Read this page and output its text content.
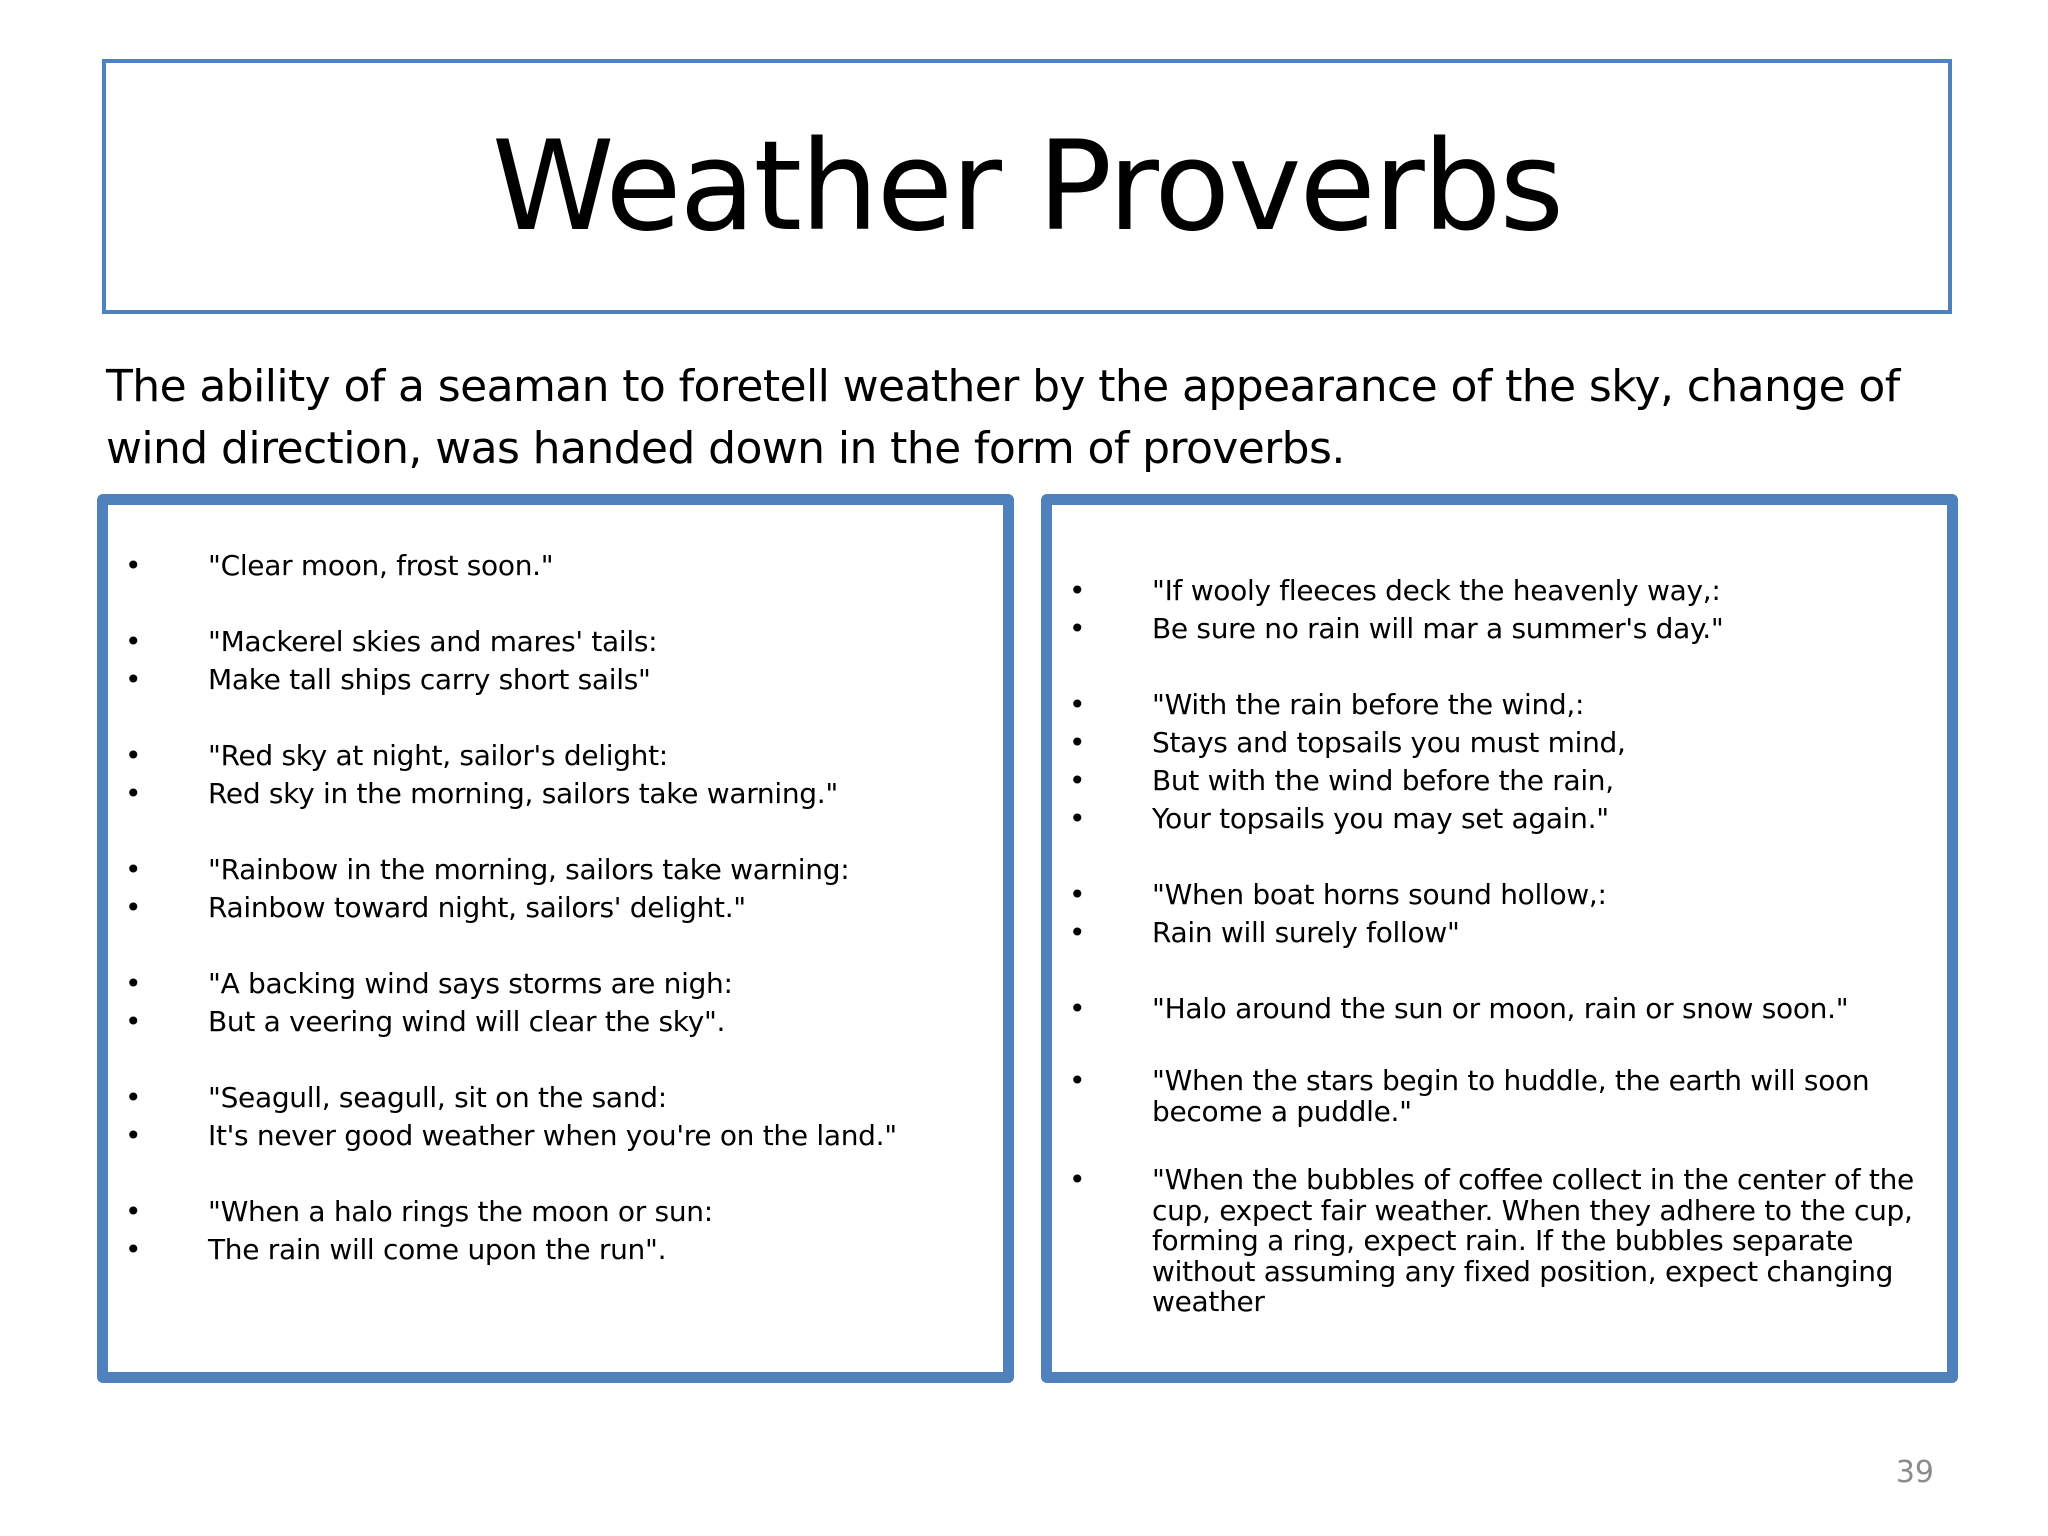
Weather Proverbs
The ability of a seaman to foretell weather by the appearance of the sky, change of wind direction, was handed down in the form of proverbs.
• "Clear moon, frost soon."
• "Mackerel skies and mares' tails:
• Make tall ships carry short sails"
• "Red sky at night, sailor's delight:
• Red sky in the morning, sailors take warning."
• "Rainbow in the morning, sailors take warning:
• Rainbow toward night, sailors' delight."
• "A backing wind says storms are nigh:
• But a veering wind will clear the sky".
• "Seagull, seagull, sit on the sand:
• It's never good weather when you're on the land."
• "When a halo rings the moon or sun:
• The rain will come upon the run".
• "If wooly fleeces deck the heavenly way,:
• Be sure no rain will mar a summer's day."
• "With the rain before the wind,:
• Stays and topsails you must mind,
• But with the wind before the rain,
• Your topsails you may set again."
• "When boat horns sound hollow,:
• Rain will surely follow"
• "Halo around the sun or moon, rain or snow soon."
• "When the stars begin to huddle, the earth will soon become a puddle."
• "When the bubbles of coffee collect in the center of the cup, expect fair weather. When they adhere to the cup, forming a ring, expect rain. If the bubbles separate without assuming any fixed position, expect changing weather
39
